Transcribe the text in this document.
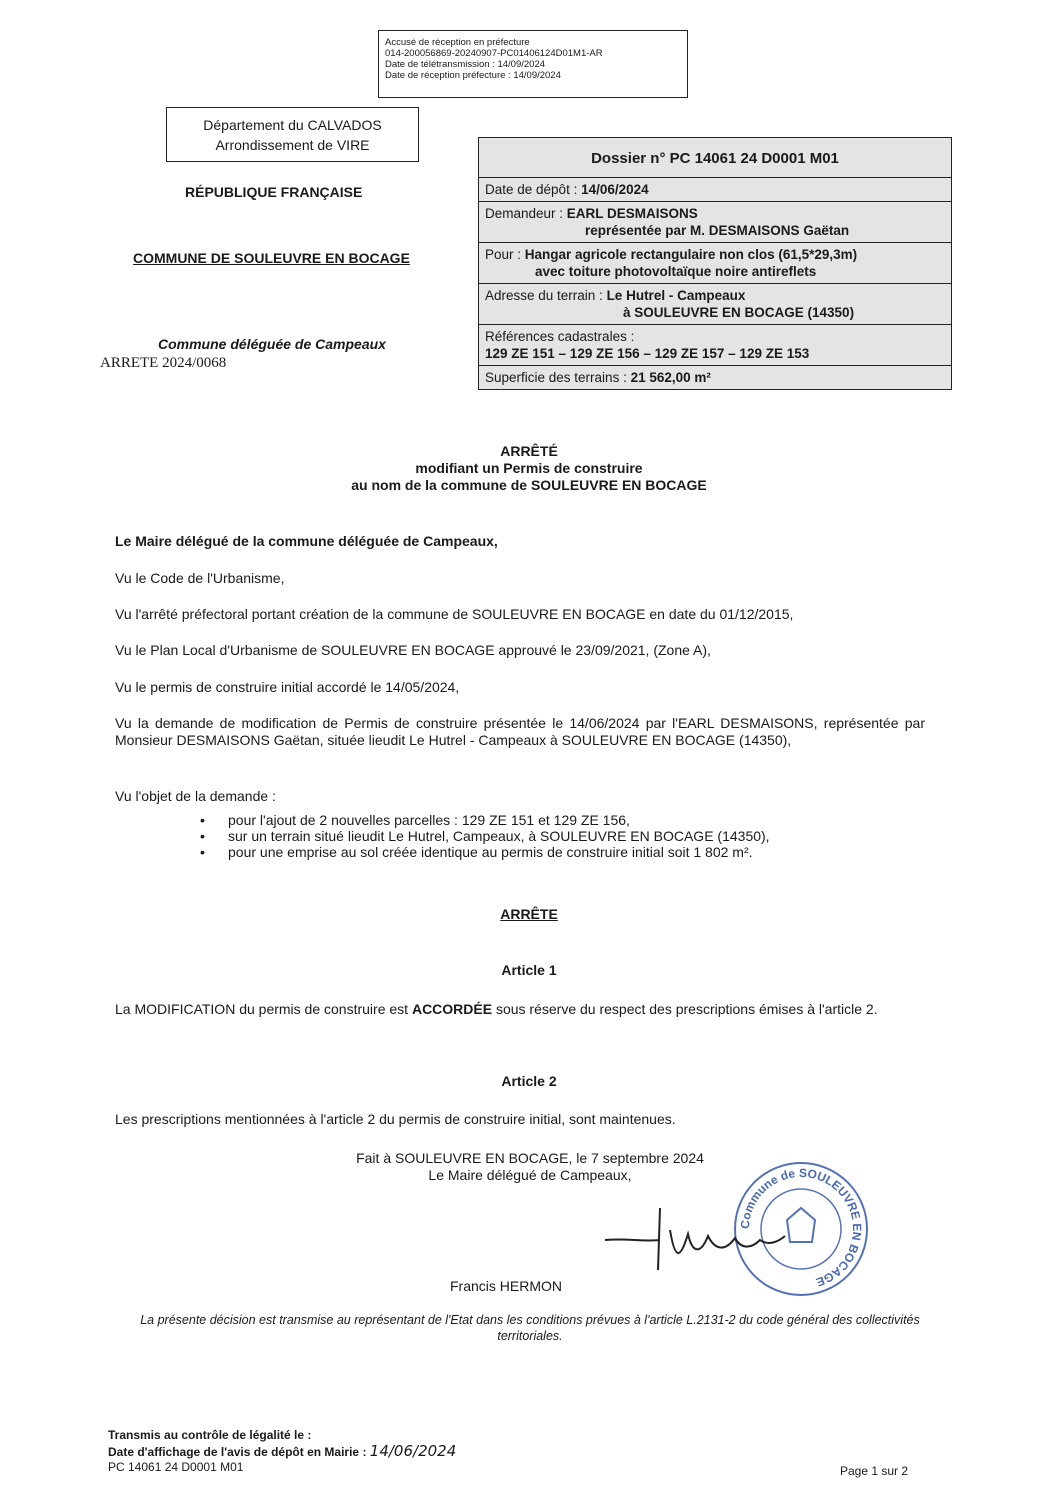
Accusé de réception en préfecture
014-200056869-20240907-PC01406124D01M1-AR
Date de télétransmission : 14/09/2024
Date de réception préfecture : 14/09/2024
Département du CALVADOS
Arrondissement de VIRE
RÉPUBLIQUE FRANÇAISE
COMMUNE DE SOULEUVRE EN BOCAGE
Commune déléguée de Campeaux
ARRETE 2024/0068
Dossier n° PC 14061 24 D0001 M01
Date de dépôt : 14/06/2024
Demandeur : EARL DESMAISONS
représentée par M. DESMAISONS Gaëtan
Pour : Hangar agricole rectangulaire non clos (61,5*29,3m)
avec toiture photovoltaïque noire antireflets
Adresse du terrain : Le Hutrel - Campeaux
à SOULEUVRE EN BOCAGE (14350)
Références cadastrales :
129 ZE 151 – 129 ZE 156 – 129 ZE 157 – 129 ZE 153
Superficie des terrains : 21 562,00 m²
ARRÊTÉ
modifiant un Permis de construire
au nom de la commune de SOULEUVRE EN BOCAGE
Le Maire délégué de la commune déléguée de Campeaux,
Vu le Code de l'Urbanisme,
Vu l'arrêté préfectoral portant création de la commune de SOULEUVRE EN BOCAGE en date du 01/12/2015,
Vu le Plan Local d'Urbanisme de SOULEUVRE EN BOCAGE approuvé le 23/09/2021, (Zone A),
Vu le permis de construire initial accordé le 14/05/2024,
Vu la demande de modification de Permis de construire présentée le 14/06/2024 par l'EARL DESMAISONS, représentée par Monsieur DESMAISONS Gaëtan, située lieudit Le Hutrel - Campeaux à SOULEUVRE EN BOCAGE (14350),
Vu l'objet de la demande :
• pour l'ajout de 2 nouvelles parcelles : 129 ZE 151 et 129 ZE 156,
• sur un terrain situé lieudit Le Hutrel, Campeaux, à SOULEUVRE EN BOCAGE (14350),
• pour une emprise au sol créée identique au permis de construire initial soit 1 802 m².
ARRÊTE
Article 1
La MODIFICATION du permis de construire est ACCORDÉE sous réserve du respect des prescriptions émises à l'article 2.
Article 2
Les prescriptions mentionnées à l'article 2 du permis de construire initial, sont maintenues.
Fait à SOULEUVRE EN BOCAGE, le 7 septembre 2024
Le Maire délégué de Campeaux,
Commune de SOULEUVRE EN BOCAGE
Francis HERMON
La présente décision est transmise au représentant de l'Etat dans les conditions prévues à l'article L.2131-2 du code général des collectivités territoriales.
Transmis au contrôle de légalité le :
Date d'affichage de l'avis de dépôt en Mairie : 14/06/2024
PC 14061 24 D0001 M01	Page 1 sur 2
